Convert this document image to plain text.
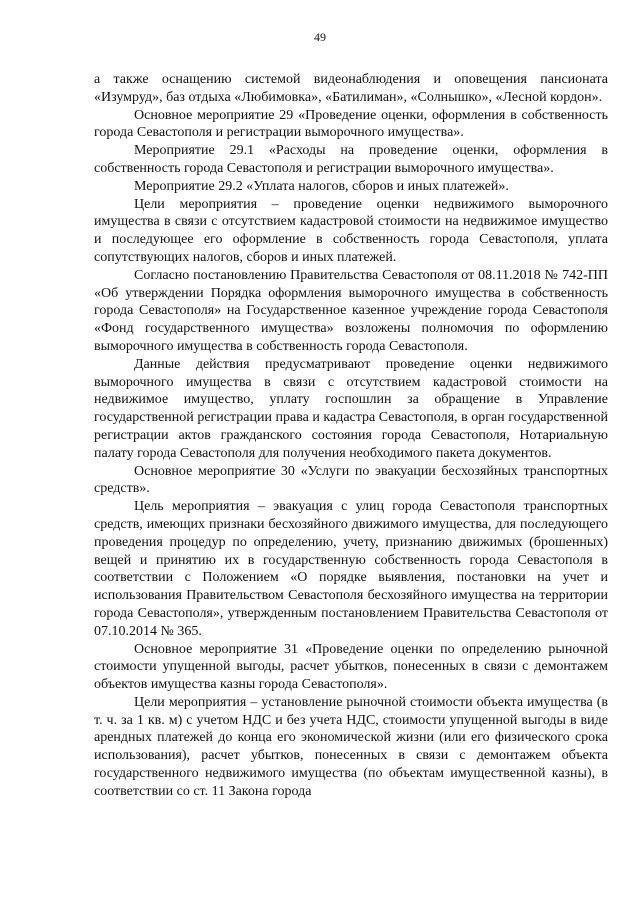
49

а также оснащению системой видеонаблюдения и оповещения пансионата «Изумруд», баз отдыха «Любимовка», «Батилиман», «Солнышко», «Лесной кордон».

Основное мероприятие 29 «Проведение оценки, оформления в собственность города Севастополя и регистрации выморочного имущества».

Мероприятие 29.1 «Расходы на проведение оценки, оформления в собственность города Севастополя и регистрации выморочного имущества».

Мероприятие 29.2 «Уплата налогов, сборов и иных платежей».

Цели мероприятия – проведение оценки недвижимого выморочного имущества в связи с отсутствием кадастровой стоимости на недвижимое имущество и последующее его оформление в собственность города Севастополя, уплата сопутствующих налогов, сборов и иных платежей.

Согласно постановлению Правительства Севастополя от 08.11.2018 № 742-ПП «Об утверждении Порядка оформления выморочного имущества в собственность города Севастополя» на Государственное казенное учреждение города Севастополя «Фонд государственного имущества» возложены полномочия по оформлению выморочного имущества в собственность города Севастополя.

Данные действия предусматривают проведение оценки недвижимого выморочного имущества в связи с отсутствием кадастровой стоимости на недвижимое имущество, уплату госпошлин за обращение в Управление государственной регистрации права и кадастра Севастополя, в орган государственной регистрации актов гражданского состояния города Севастополя, Нотариальную палату города Севастополя для получения необходимого пакета документов.

Основное мероприятие 30 «Услуги по эвакуации бесхозяйных транспортных средств».

Цель мероприятия – эвакуация с улиц города Севастополя транспортных средств, имеющих признаки бесхозяйного движимого имущества, для последующего проведения процедур по определению, учету, признанию движимых (брошенных) вещей и принятию их в государственную собственность города Севастополя в соответствии с Положением «О порядке выявления, постановки на учет и использования Правительством Севастополя бесхозяйного имущества на территории города Севастополя», утвержденным постановлением Правительства Севастополя от 07.10.2014 № 365.

Основное мероприятие 31 «Проведение оценки по определению рыночной стоимости упущенной выгоды, расчет убытков, понесенных в связи с демонтажем объектов имущества казны города Севастополя».

Цели мероприятия – установление рыночной стоимости объекта имущества (в т. ч. за 1 кв. м) с учетом НДС и без учета НДС, стоимости упущенной выгоды в виде арендных платежей до конца его экономической жизни (или его физического срока использования), расчет убытков, понесенных в связи с демонтажем объекта государственного недвижимого имущества (по объектам имущественной казны), в соответствии со ст. 11 Закона города
